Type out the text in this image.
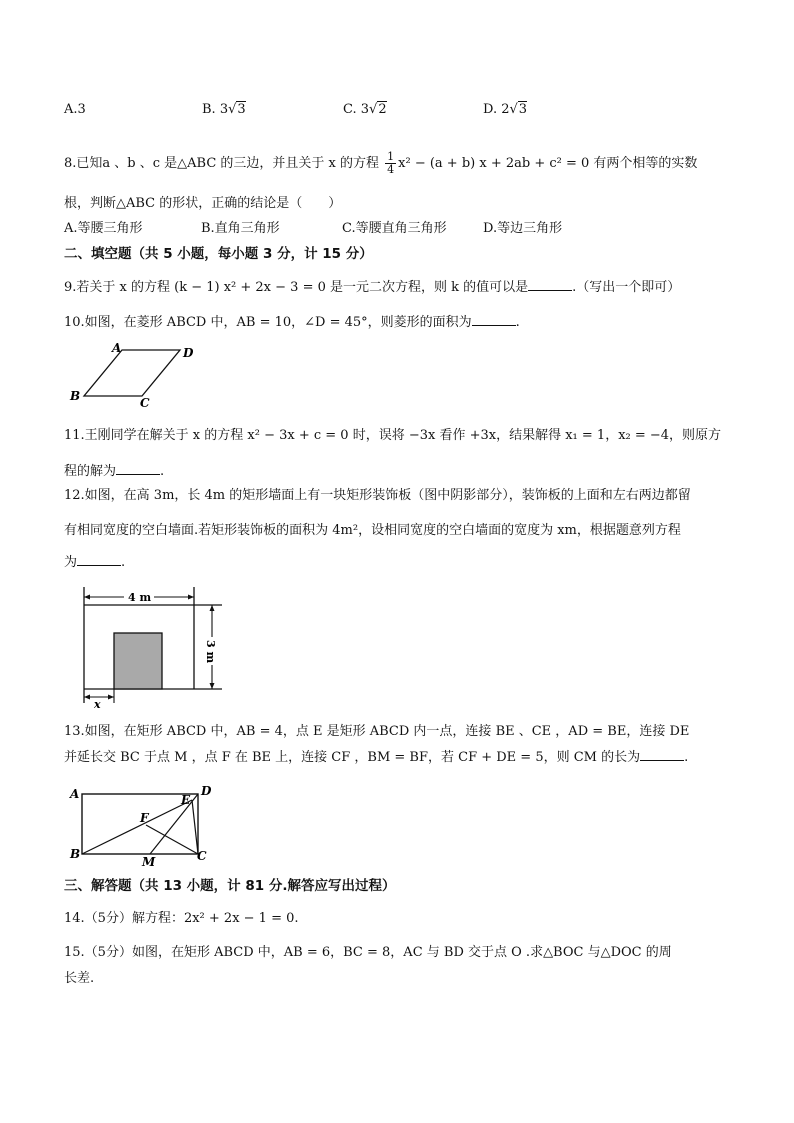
A.3	B. 3√3	C. 3√2	D. 2√3
8.已知a 、b 、c 是△ABC 的三边，并且关于 x 的方程 $\frac{1}{4} x^2 - (a + b) x + 2ab + c^2 = 0$ 有两个相等的实数
根，判断△ABC 的形状，正确的结论是（　　）
A.等腰三角形	B.直角三角形	C.等腰直角三角形	D.等边三角形
二、填空题（共 5 小题，每小题 3 分，计 15 分）
9.若关于 x 的方程 (k − 1) x² + 2x − 3 = 0 是一元二次方程，则 k 的值可以是	.（写出一个即可）
10.如图，在菱形 ABCD 中，AB = 10，∠D = 45°，则菱形的面积为	.
A	D
B	C
11.王刚同学在解关于 x 的方程 x² − 3x + c = 0 时，误将 −3x 看作 +3x，结果解得 x₁ = 1，x₂ = −4，则原方
程的解为	.
12.如图，在高 3m，长 4m 的矩形墙面上有一块矩形装饰板（图中阴影部分），装饰板的上面和左右两边都留
有相同宽度的空白墙面.若矩形装饰板的面积为 4m²，设相同宽度的空白墙面的宽度为 xm，根据题意列方程
为	.
4 m
3 m
x
13.如图，在矩形 ABCD 中，AB = 4，点 E 是矩形 ABCD 内一点，连接 BE 、CE ，AD = BE，连接 DE
并延长交 BC 于点 M ，点 F 在 BE 上，连接 CF ，BM = BF，若 CF + DE = 5，则 CM 的长为	.
A	D
E
F
B
M	C
三、解答题（共 13 小题，计 81 分.解答应写出过程）
14.（5分）解方程：2x² + 2x − 1 = 0.
15.（5分）如图，在矩形 ABCD 中，AB = 6，BC = 8，AC 与 BD 交于点 O .求△BOC 与△DOC 的周
长差.
